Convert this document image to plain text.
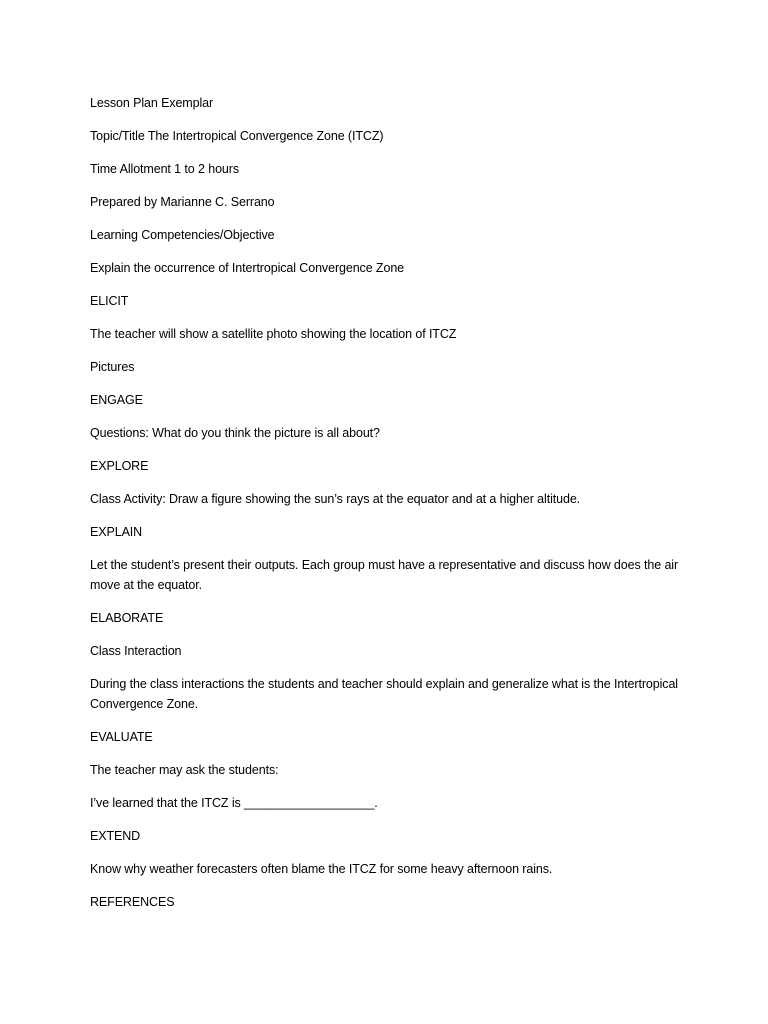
Lesson Plan Exemplar

Topic/Title The Intertropical Convergence Zone (ITCZ)

Time Allotment 1 to 2 hours

Prepared by Marianne C. Serrano

Learning Competencies/Objective

Explain the occurrence of Intertropical Convergence Zone

ELICIT

The teacher will show a satellite photo showing the location of ITCZ

Pictures

ENGAGE

Questions: What do you think the picture is all about?

EXPLORE

Class Activity: Draw a figure showing the sun’s rays at the equator and at a higher altitude.

EXPLAIN

Let the student’s present their outputs. Each group must have a representative and discuss how does the air move at the equator.

ELABORATE

Class Interaction

During the class interactions the students and teacher should explain and generalize what is the Intertropical Convergence Zone.

EVALUATE

The teacher may ask the students:

I’ve learned that the ITCZ is ___________________.

EXTEND

Know why weather forecasters often blame the ITCZ for some heavy afternoon rains.

REFERENCES
